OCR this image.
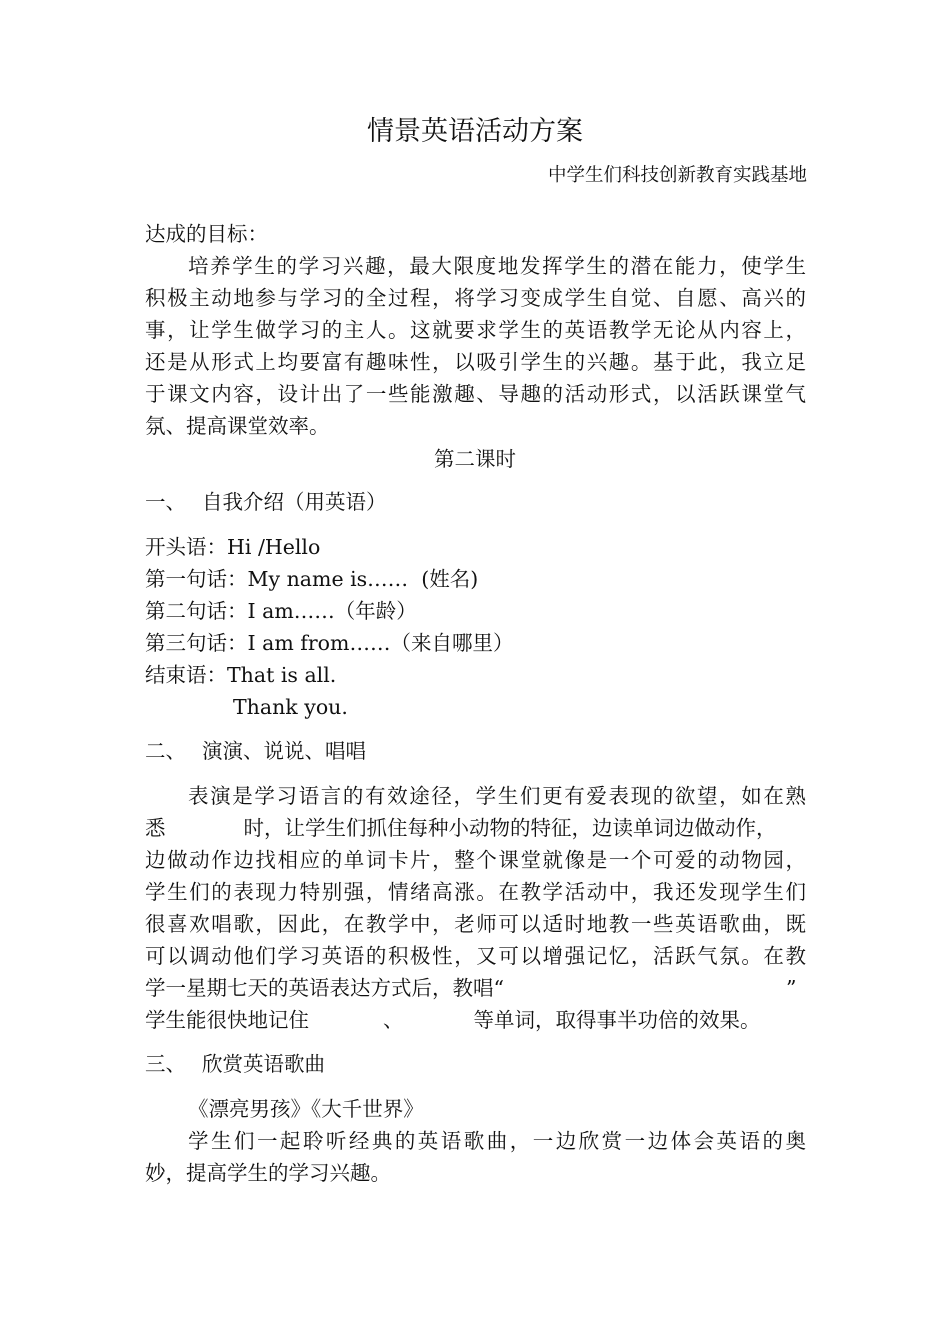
情景英语活动方案
中学生们科技创新教育实践基地
达成的目标：
培养学生的学习兴趣，最大限度地发挥学生的潜在能力，使学生
积极主动地参与学习的全过程，将学习变成学生自觉、自愿、高兴的
事，让学生做学习的主人。这就要求学生的英语教学无论从内容上，
还是从形式上均要富有趣味性，以吸引学生的兴趣。基于此，我立足
于课文内容，设计出了一些能激趣、导趣的活动形式，以活跃课堂气
氛、提高课堂效率。
第二课时
一、 自我介绍（用英语）
开头语：Hi /Hello
第一句话：My name is……  (姓名)
第二句话：I am……（年龄）
第三句话：I am from……（来自哪里）
结束语：That is all.
Thank you.
二、 演演、说说、唱唱
表演是学习语言的有效途径，学生们更有爱表现的欲望，如在熟
悉	时，让学生们抓住每种小动物的特征，边读单词边做动作，
边做动作边找相应的单词卡片，整个课堂就像是一个可爱的动物园，
学生们的表现力特别强，情绪高涨。在教学活动中，我还发现学生们
很喜欢唱歌，因此，在教学中，老师可以适时地教一些英语歌曲，既
可以调动他们学习英语的积极性，又可以增强记忆，活跃气氛。在教
学一星期七天的英语表达方式后，教唱“	”
学生能很快地记住	、	等单词，取得事半功倍的效果。
三、 欣赏英语歌曲
《漂亮男孩》《大千世界》
学生们一起聆听经典的英语歌曲，一边欣赏一边体会英语的奥
妙，提高学生的学习兴趣。
